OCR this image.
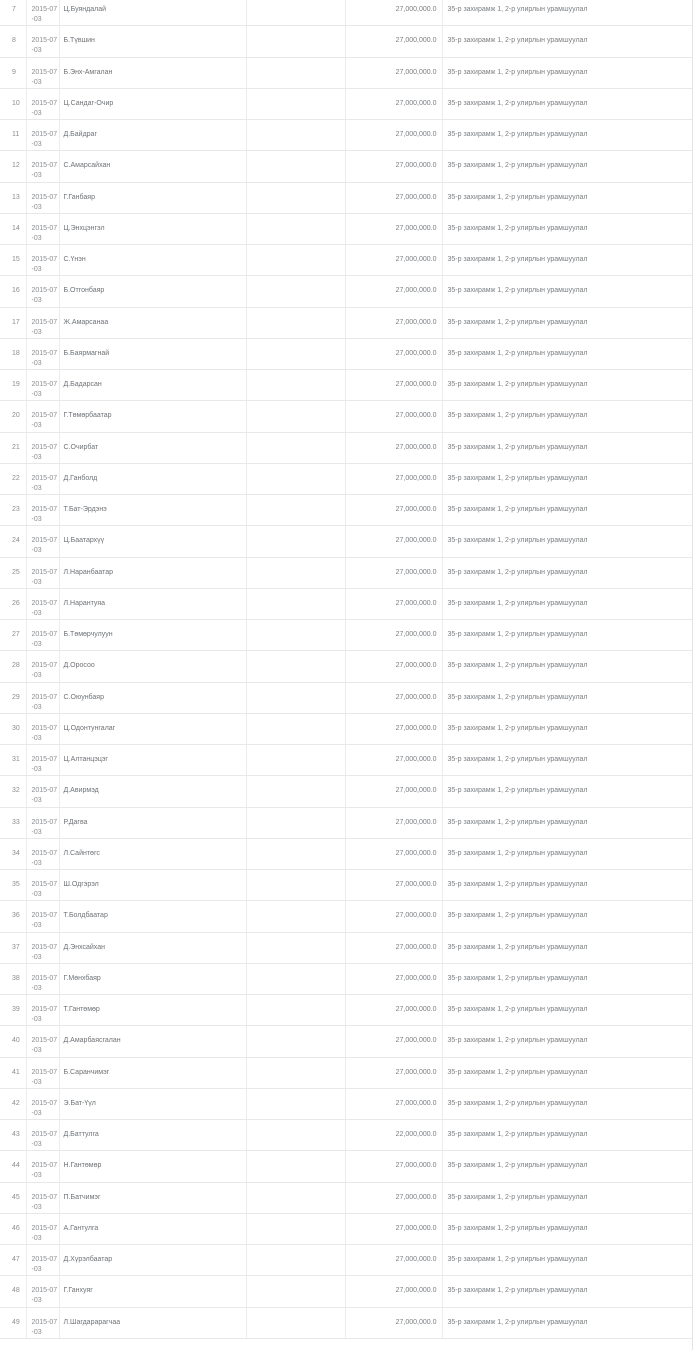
7	2015-07-03	Ц.Буяндалай		27,000,000.0	35-р захирамж 1, 2-р улирлын урамшуулал
8	2015-07-03	Б.Түвшин		27,000,000.0	35-р захирамж 1, 2-р улирлын урамшуулал
9	2015-07-03	Б.Энх-Амгалан		27,000,000.0	35-р захирамж 1, 2-р улирлын урамшуулал
10	2015-07-03	Ц.Сандаг-Очир		27,000,000.0	35-р захирамж 1, 2-р улирлын урамшуулал
11	2015-07-03	Д.Байдраг		27,000,000.0	35-р захирамж 1, 2-р улирлын урамшуулал
12	2015-07-03	С.Амарсайхан		27,000,000.0	35-р захирамж 1, 2-р улирлын урамшуулал
13	2015-07-03	Г.Ганбаяр		27,000,000.0	35-р захирамж 1, 2-р улирлын урамшуулал
14	2015-07-03	Ц.Энхцэнгэл		27,000,000.0	35-р захирамж 1, 2-р улирлын урамшуулал
15	2015-07-03	С.Үнэн		27,000,000.0	35-р захирамж 1, 2-р улирлын урамшуулал
16	2015-07-03	Б.Отгонбаяр		27,000,000.0	35-р захирамж 1, 2-р улирлын урамшуулал
17	2015-07-03	Ж.Амарсанаа		27,000,000.0	35-р захирамж 1, 2-р улирлын урамшуулал
18	2015-07-03	Б.Баярмагнай		27,000,000.0	35-р захирамж 1, 2-р улирлын урамшуулал
19	2015-07-03	Д.Бадарсан		27,000,000.0	35-р захирамж 1, 2-р улирлын урамшуулал
20	2015-07-03	Г.Төмөрбаатар		27,000,000.0	35-р захирамж 1, 2-р улирлын урамшуулал
21	2015-07-03	С.Очирбат		27,000,000.0	35-р захирамж 1, 2-р улирлын урамшуулал
22	2015-07-03	Д.Ганболд		27,000,000.0	35-р захирамж 1, 2-р улирлын урамшуулал
23	2015-07-03	Т.Бат-Эрдэнэ		27,000,000.0	35-р захирамж 1, 2-р улирлын урамшуулал
24	2015-07-03	Ц.Баатархүү		27,000,000.0	35-р захирамж 1, 2-р улирлын урамшуулал
25	2015-07-03	Л.Наранбаатар		27,000,000.0	35-р захирамж 1, 2-р улирлын урамшуулал
26	2015-07-03	Л.Нарантуяа		27,000,000.0	35-р захирамж 1, 2-р улирлын урамшуулал
27	2015-07-03	Б.Төмөрчулуун		27,000,000.0	35-р захирамж 1, 2-р улирлын урамшуулал
28	2015-07-03	Д.Оросоо		27,000,000.0	35-р захирамж 1, 2-р улирлын урамшуулал
29	2015-07-03	С.Оюунбаяр		27,000,000.0	35-р захирамж 1, 2-р улирлын урамшуулал
30	2015-07-03	Ц.Одонтунгалаг		27,000,000.0	35-р захирамж 1, 2-р улирлын урамшуулал
31	2015-07-03	Ц.Алтанцэцэг		27,000,000.0	35-р захирамж 1, 2-р улирлын урамшуулал
32	2015-07-03	Д.Авирмэд		27,000,000.0	35-р захирамж 1, 2-р улирлын урамшуулал
33	2015-07-03	Р.Дагва		27,000,000.0	35-р захирамж 1, 2-р улирлын урамшуулал
34	2015-07-03	Л.Сайнтөгс		27,000,000.0	35-р захирамж 1, 2-р улирлын урамшуулал
35	2015-07-03	Ш.Одгэрэл		27,000,000.0	35-р захирамж 1, 2-р улирлын урамшуулал
36	2015-07-03	Т.Болдбаатар		27,000,000.0	35-р захирамж 1, 2-р улирлын урамшуулал
37	2015-07-03	Д.Энхсайхан		27,000,000.0	35-р захирамж 1, 2-р улирлын урамшуулал
38	2015-07-03	Г.Мөнхбаяр		27,000,000.0	35-р захирамж 1, 2-р улирлын урамшуулал
39	2015-07-03	Т.Гантөмөр		27,000,000.0	35-р захирамж 1, 2-р улирлын урамшуулал
40	2015-07-03	Д.Амарбаясгалан		27,000,000.0	35-р захирамж 1, 2-р улирлын урамшуулал
41	2015-07-03	Б.Саранчимэг		27,000,000.0	35-р захирамж 1, 2-р улирлын урамшуулал
42	2015-07-03	Э.Бат-Үүл		27,000,000.0	35-р захирамж 1, 2-р улирлын урамшуулал
43	2015-07-03	Д.Баттулга		22,000,000.0	35-р захирамж 1, 2-р улирлын урамшуулал
44	2015-07-03	Н.Гантөмөр		27,000,000.0	35-р захирамж 1, 2-р улирлын урамшуулал
45	2015-07-03	П.Батчимэг		27,000,000.0	35-р захирамж 1, 2-р улирлын урамшуулал
46	2015-07-03	А.Гантулга		27,000,000.0	35-р захирамж 1, 2-р улирлын урамшуулал
47	2015-07-03	Д.Хүрэлбаатар		27,000,000.0	35-р захирамж 1, 2-р улирлын урамшуулал
48	2015-07-03	Г.Ганхуяг		27,000,000.0	35-р захирамж 1, 2-р улирлын урамшуулал
49	2015-07-03	Л.Шагдарарагчаа		27,000,000.0	35-р захирамж 1, 2-р улирлын урамшуулал
